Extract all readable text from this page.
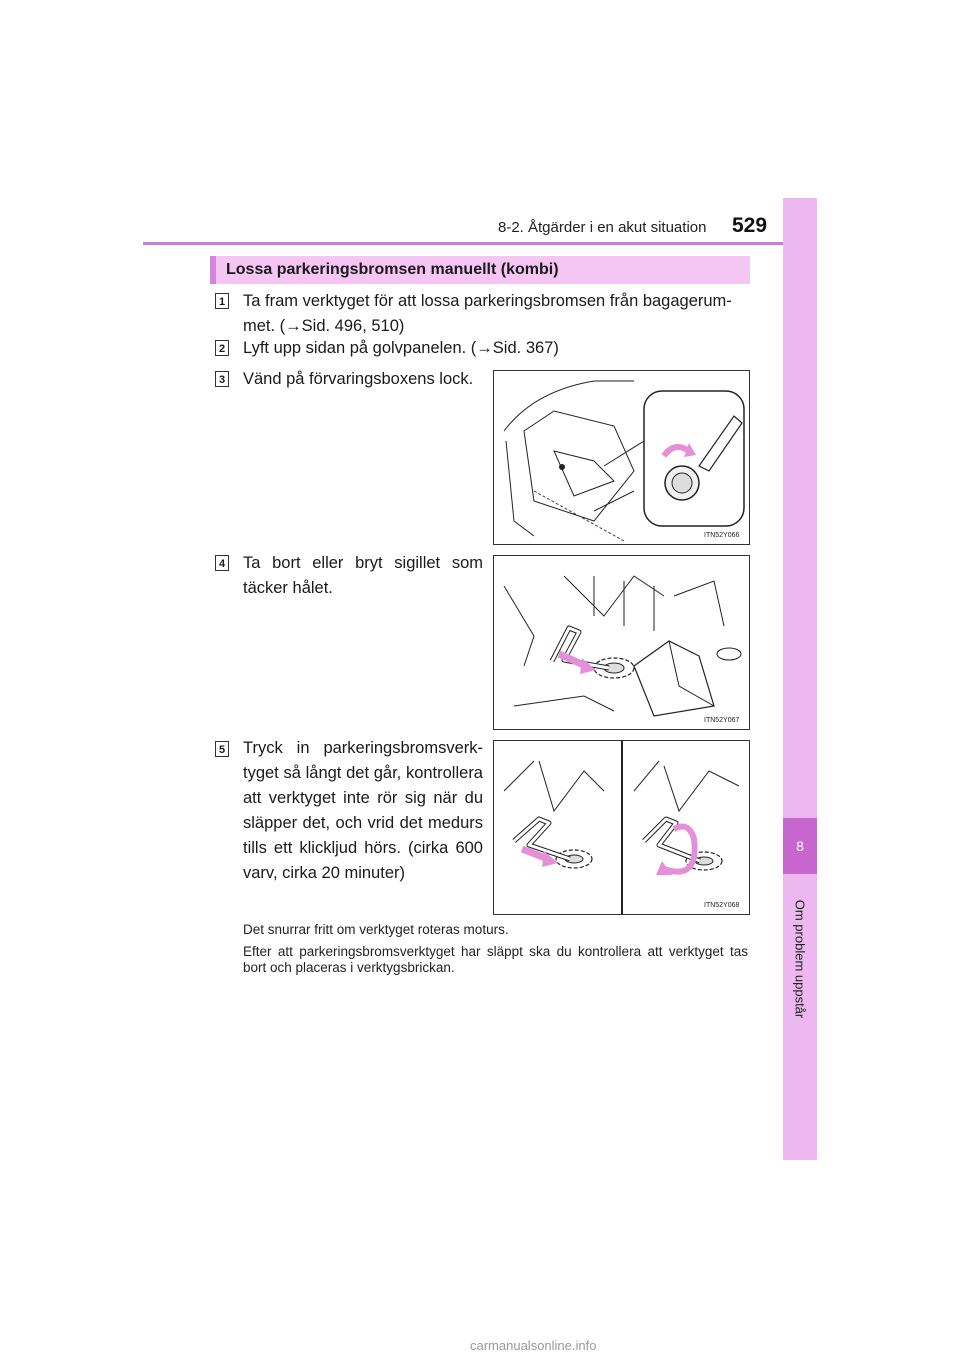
8-2. Åtgärder i en akut situation 529
8
Om problem uppstår
Lossa parkeringsbromsen manuellt (kombi)
1 Ta fram verktyget för att lossa parkeringsbromsen från bagagerum-
met. (→Sid. 496, 510)
2 Lyft upp sidan på golvpanelen. (→Sid. 367)
3 Vänd på förvaringsboxens lock.
ITN52Y066
4 Ta bort eller bryt sigillet som täcker hålet.
ITN52Y067
5 Tryck in parkeringsbromsverktyget så långt det går, kontrollera att verktyget inte rör sig när du släpper det, och vrid det medurs tills ett klickljud hörs. (cirka 600 varv, cirka 20 minuter)
ITN52Y068
Det snurrar fritt om verktyget roteras moturs.
Efter att parkeringsbromsverktyget har släppt ska du kontrollera att verktyget tas bort och placeras i verktygsbrickan.
carmanualsonline.info
